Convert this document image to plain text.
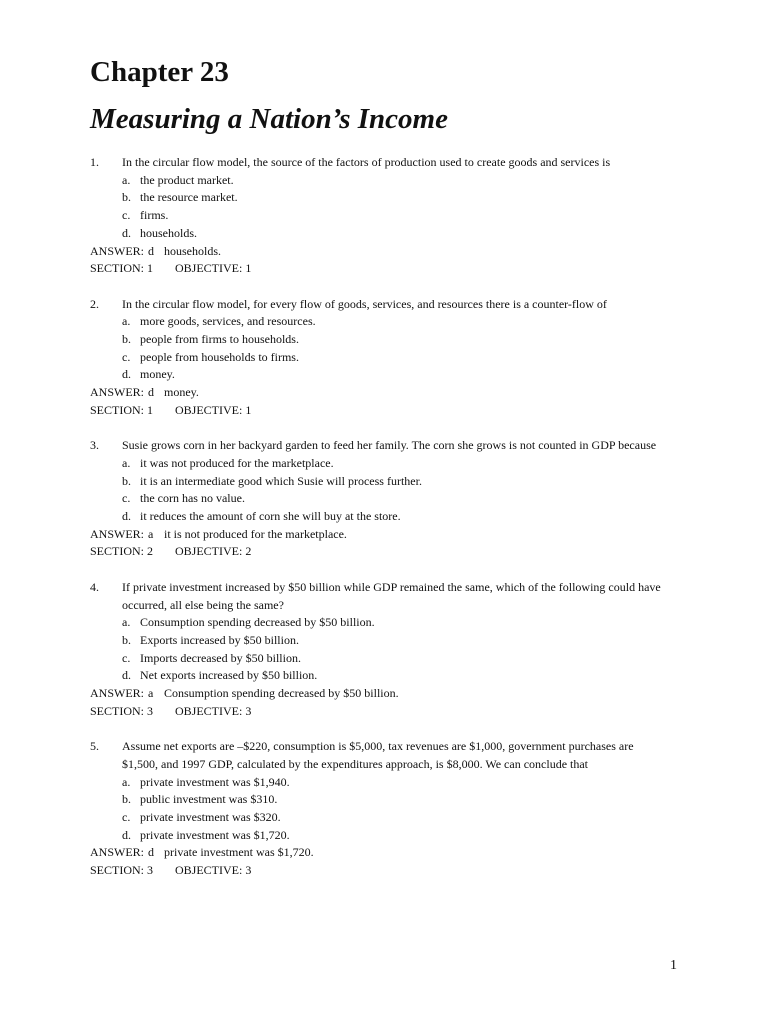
Chapter 23
Measuring a Nation’s Income
1.	In the circular flow model, the source of the factors of production used to create goods and services is
a. the product market.
b. the resource market.
c. firms.
d. households.
ANSWER: d households.
SECTION: 1 OBJECTIVE: 1
2.	In the circular flow model, for every flow of goods, services, and resources there is a counter-flow of
a. more goods, services, and resources.
b. people from firms to households.
c. people from households to firms.
d. money.
ANSWER: d money.
SECTION: 1 OBJECTIVE: 1
3.	Susie grows corn in her backyard garden to feed her family. The corn she grows is not counted in GDP because
a. it was not produced for the marketplace.
b. it is an intermediate good which Susie will process further.
c. the corn has no value.
d. it reduces the amount of corn she will buy at the store.
ANSWER: a it is not produced for the marketplace.
SECTION: 2 OBJECTIVE: 2
4.	If private investment increased by $50 billion while GDP remained the same, which of the following could have occurred, all else being the same?
a. Consumption spending decreased by $50 billion.
b. Exports increased by $50 billion.
c. Imports decreased by $50 billion.
d. Net exports increased by $50 billion.
ANSWER: a Consumption spending decreased by $50 billion.
SECTION: 3 OBJECTIVE: 3
5.	Assume net exports are –$220, consumption is $5,000, tax revenues are $1,000, government purchases are $1,500, and 1997 GDP, calculated by the expenditures approach, is $8,000. We can conclude that
a. private investment was $1,940.
b. public investment was $310.
c. private investment was $320.
d. private investment was $1,720.
ANSWER: d private investment was $1,720.
SECTION: 3 OBJECTIVE: 3
1
